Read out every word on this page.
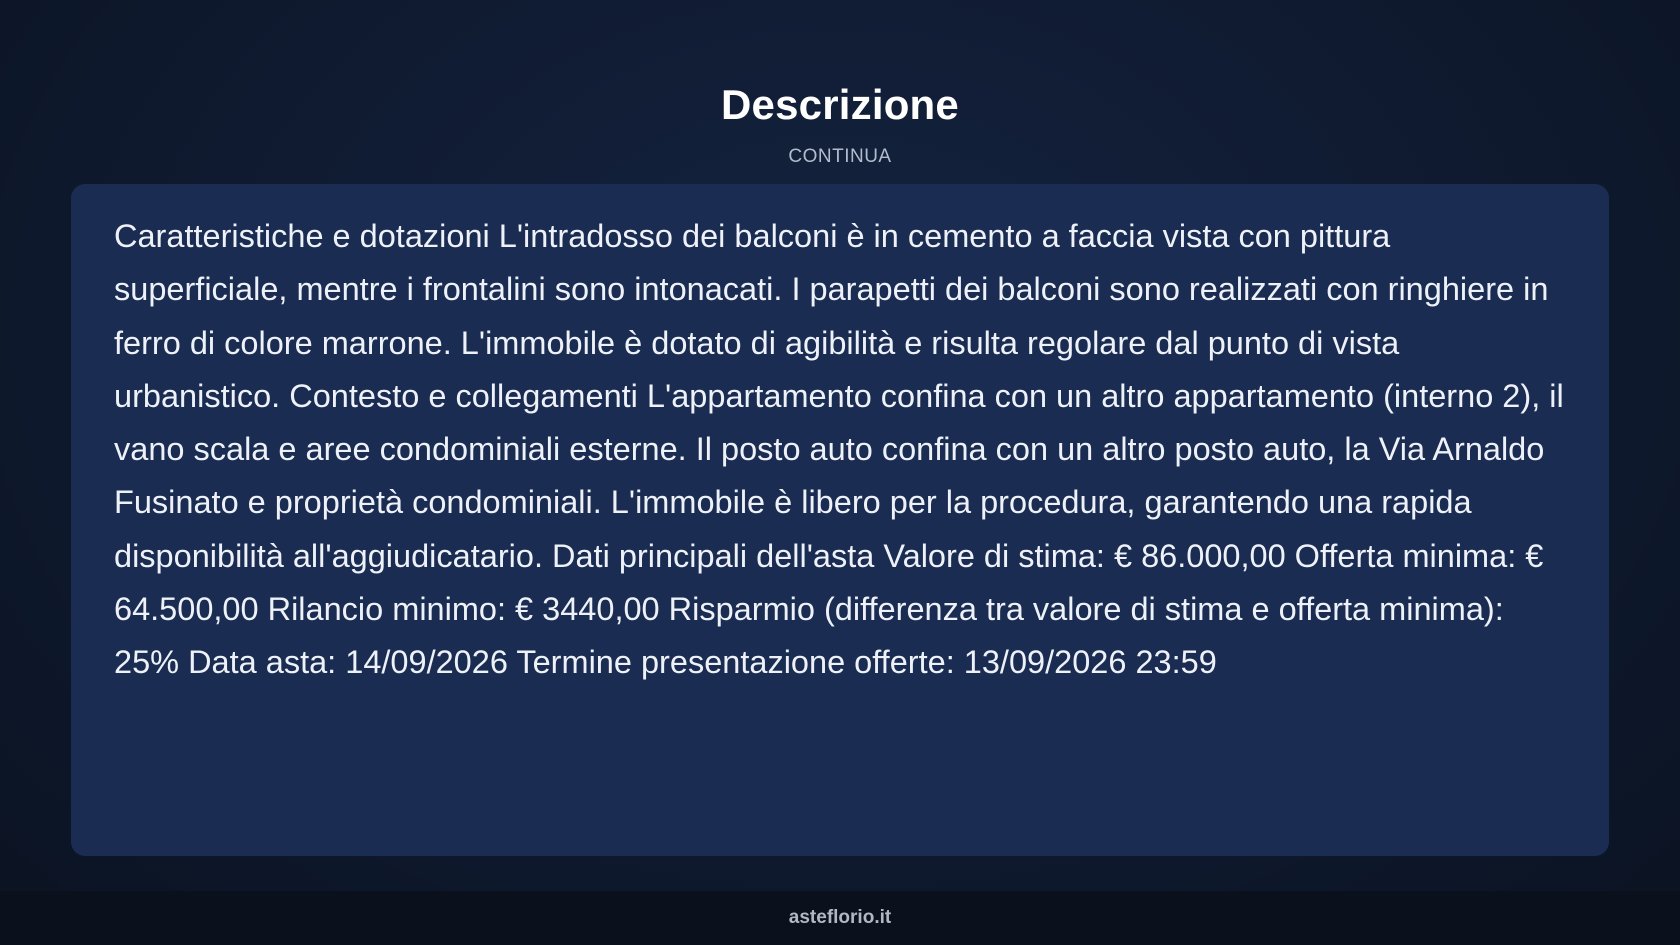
Descrizione
CONTINUA

Caratteristiche e dotazioni L'intradosso dei balconi è in cemento a faccia vista con pittura superficiale, mentre i frontalini sono intonacati. I parapetti dei balconi sono realizzati con ringhiere in ferro di colore marrone. L'immobile è dotato di agibilità e risulta regolare dal punto di vista urbanistico. Contesto e collegamenti L'appartamento confina con un altro appartamento (interno 2), il vano scala e aree condominiali esterne. Il posto auto confina con un altro posto auto, la Via Arnaldo Fusinato e proprietà condominiali. L'immobile è libero per la procedura, garantendo una rapida disponibilità all'aggiudicatario. Dati principali dell'asta Valore di stima: € 86.000,00 Offerta minima: € 64.500,00 Rilancio minimo: € 3440,00 Risparmio (differenza tra valore di stima e offerta minima): 25% Data asta: 14/09/2026 Termine presentazione offerte: 13/09/2026 23:59

asteflorio.it
